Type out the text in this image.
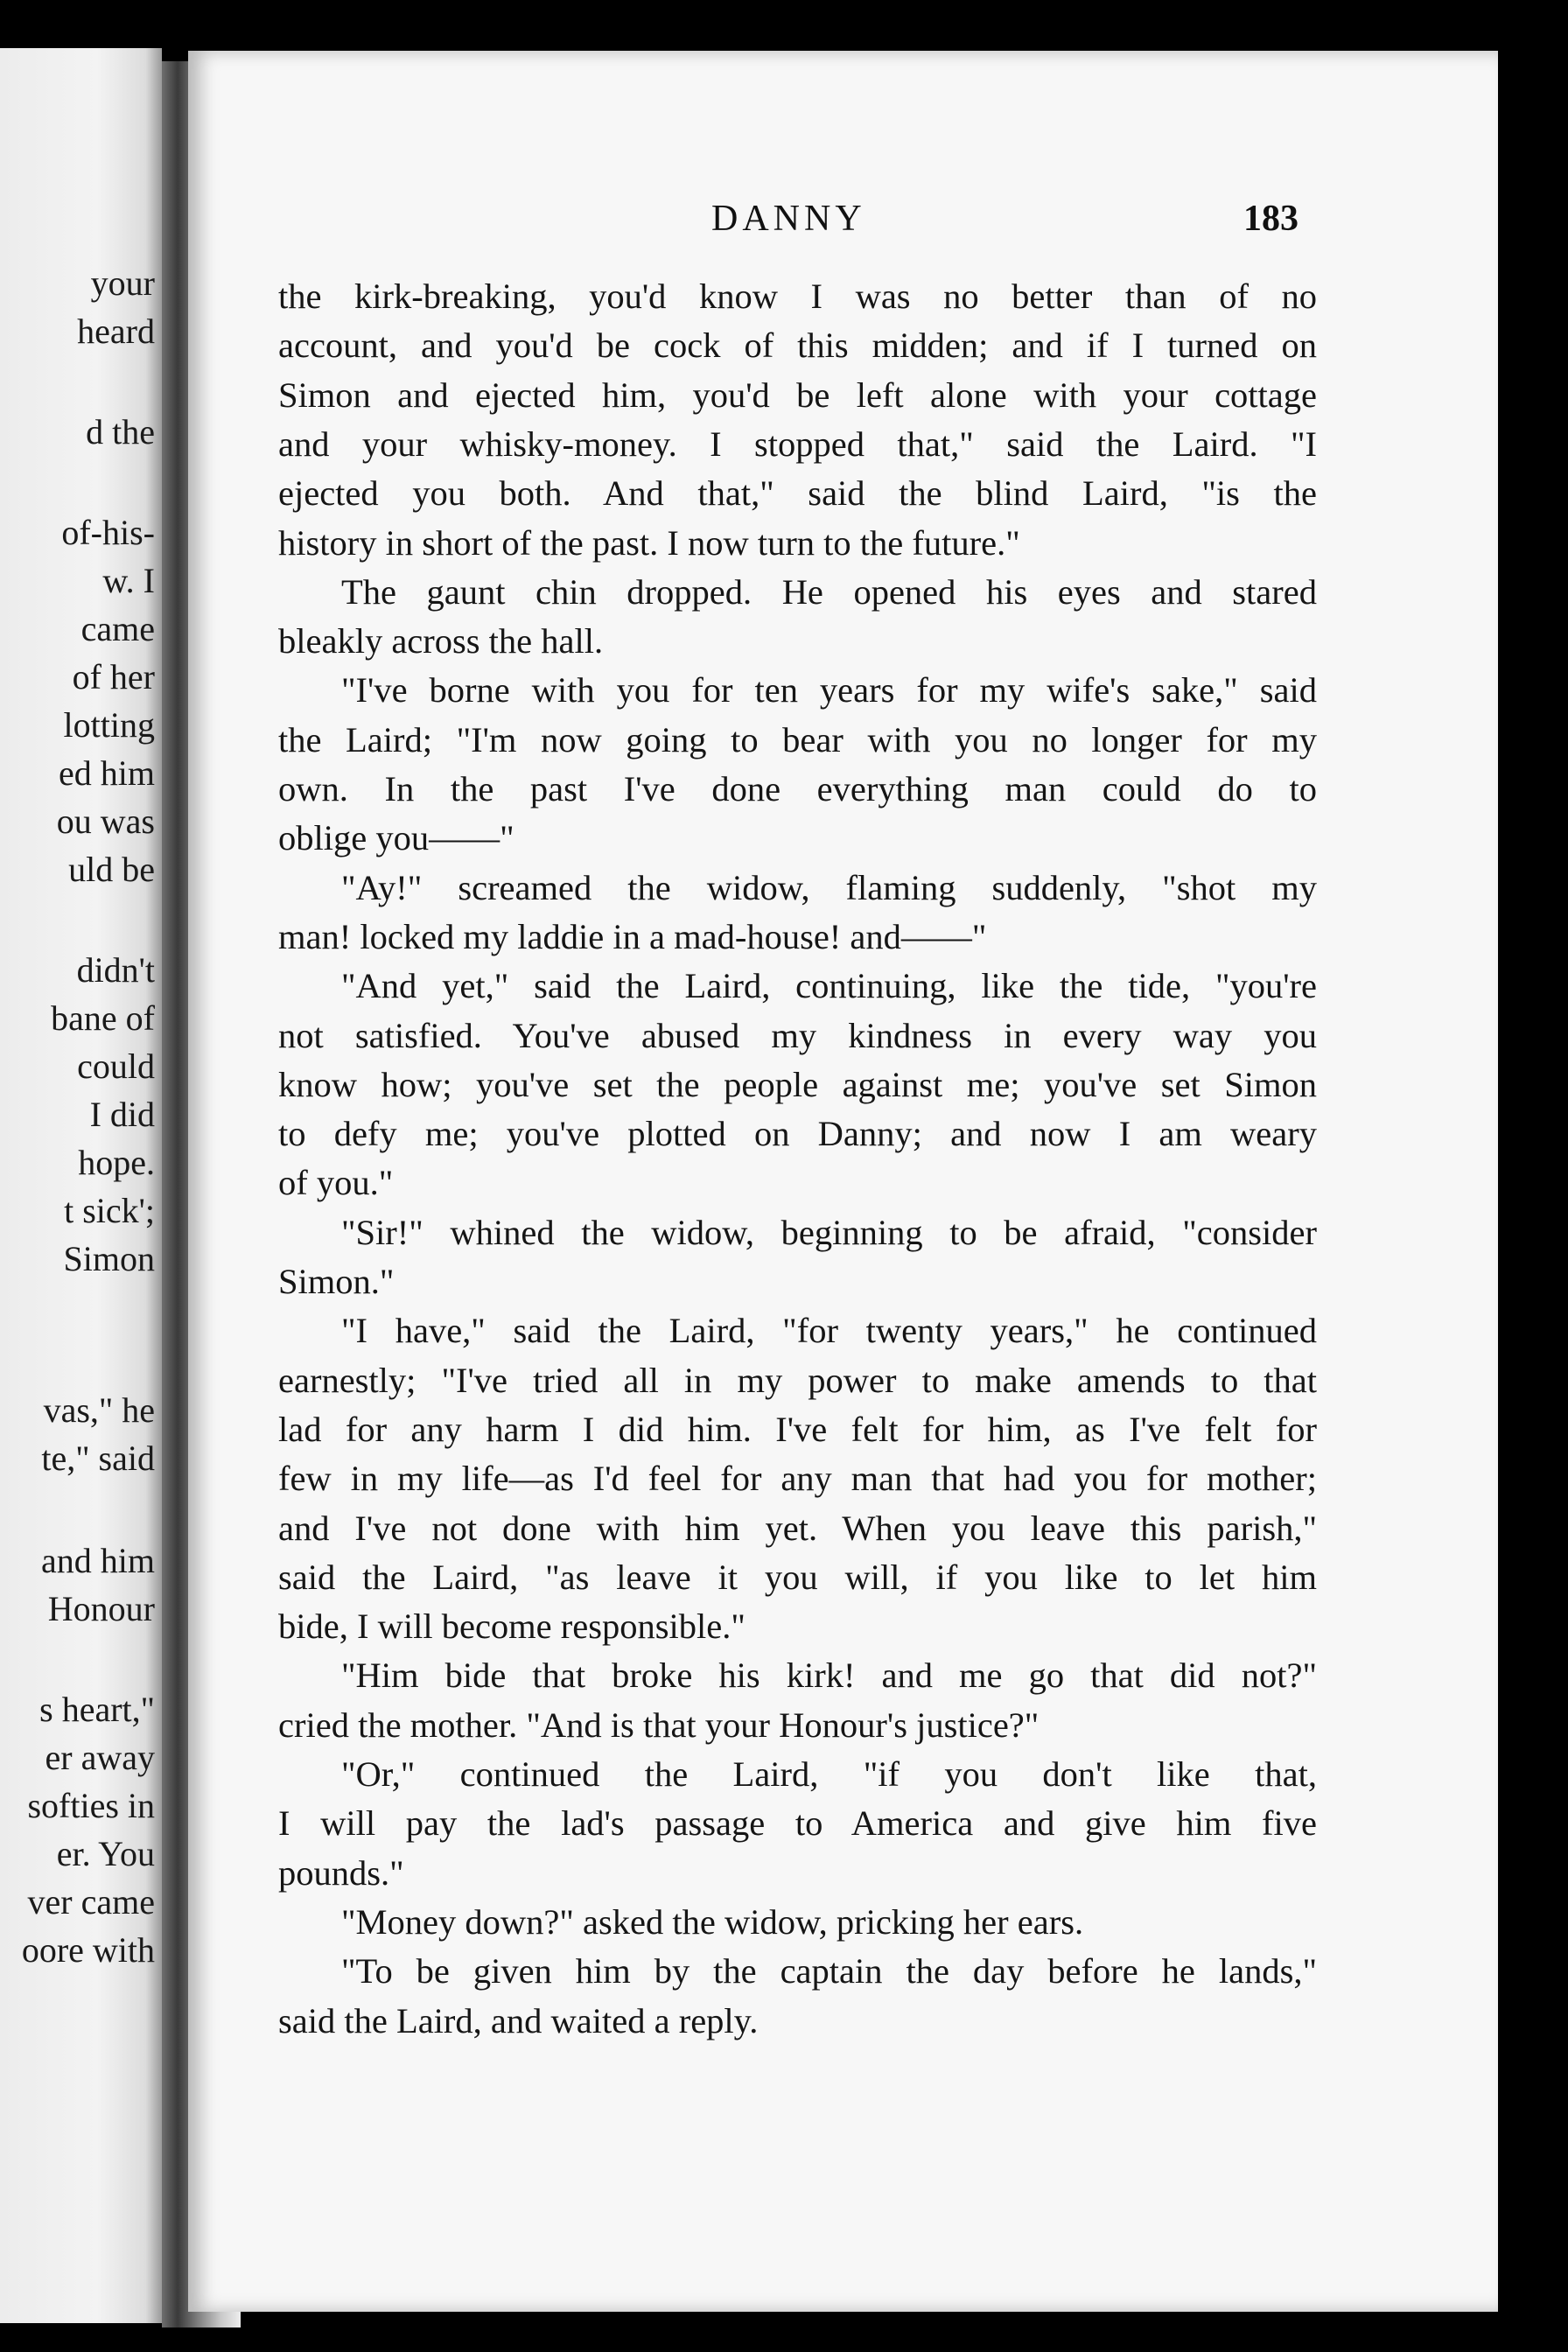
your
heard
d the
of-his-
w. I
came
of her
lotting
ed him
ou was
uld be
didn't
bane of
could
I did
hope.
t sick';
Simon
vas," he
te," said
and him
Honour
s heart,"
er away
softies in
er. You
ver came
oore with
DANNY	183
the kirk-breaking, you'd know I was no better than of no
account, and you'd be cock of this midden; and if I turned on
Simon and ejected him, you'd be left alone with your cottage
and your whisky-money. I stopped that," said the Laird. "I
ejected you both. And that," said the blind Laird, "is the
history in short of the past. I now turn to the future."
The gaunt chin dropped. He opened his eyes and stared
bleakly across the hall.
"I've borne with you for ten years for my wife's sake," said
the Laird; "I'm now going to bear with you no longer for my
own. In the past I've done everything man could do to
oblige you——"
"Ay!" screamed the widow, flaming suddenly, "shot my
man! locked my laddie in a mad-house! and——"
"And yet," said the Laird, continuing, like the tide, "you're
not satisfied. You've abused my kindness in every way you
know how; you've set the people against me; you've set Simon
to defy me; you've plotted on Danny; and now I am weary
of you."
"Sir!" whined the widow, beginning to be afraid, "consider
Simon."
"I have," said the Laird, "for twenty years," he continued
earnestly; "I've tried all in my power to make amends to that
lad for any harm I did him. I've felt for him, as I've felt for
few in my life—as I'd feel for any man that had you for mother;
and I've not done with him yet. When you leave this parish,"
said the Laird, "as leave it you will, if you like to let him
bide, I will become responsible."
"Him bide that broke his kirk! and me go that did not?"
cried the mother. "And is that your Honour's justice?"
"Or," continued the Laird, "if you don't like that,
I will pay the lad's passage to America and give him five
pounds."
"Money down?" asked the widow, pricking her ears.
"To be given him by the captain the day before he lands,"
said the Laird, and waited a reply.
